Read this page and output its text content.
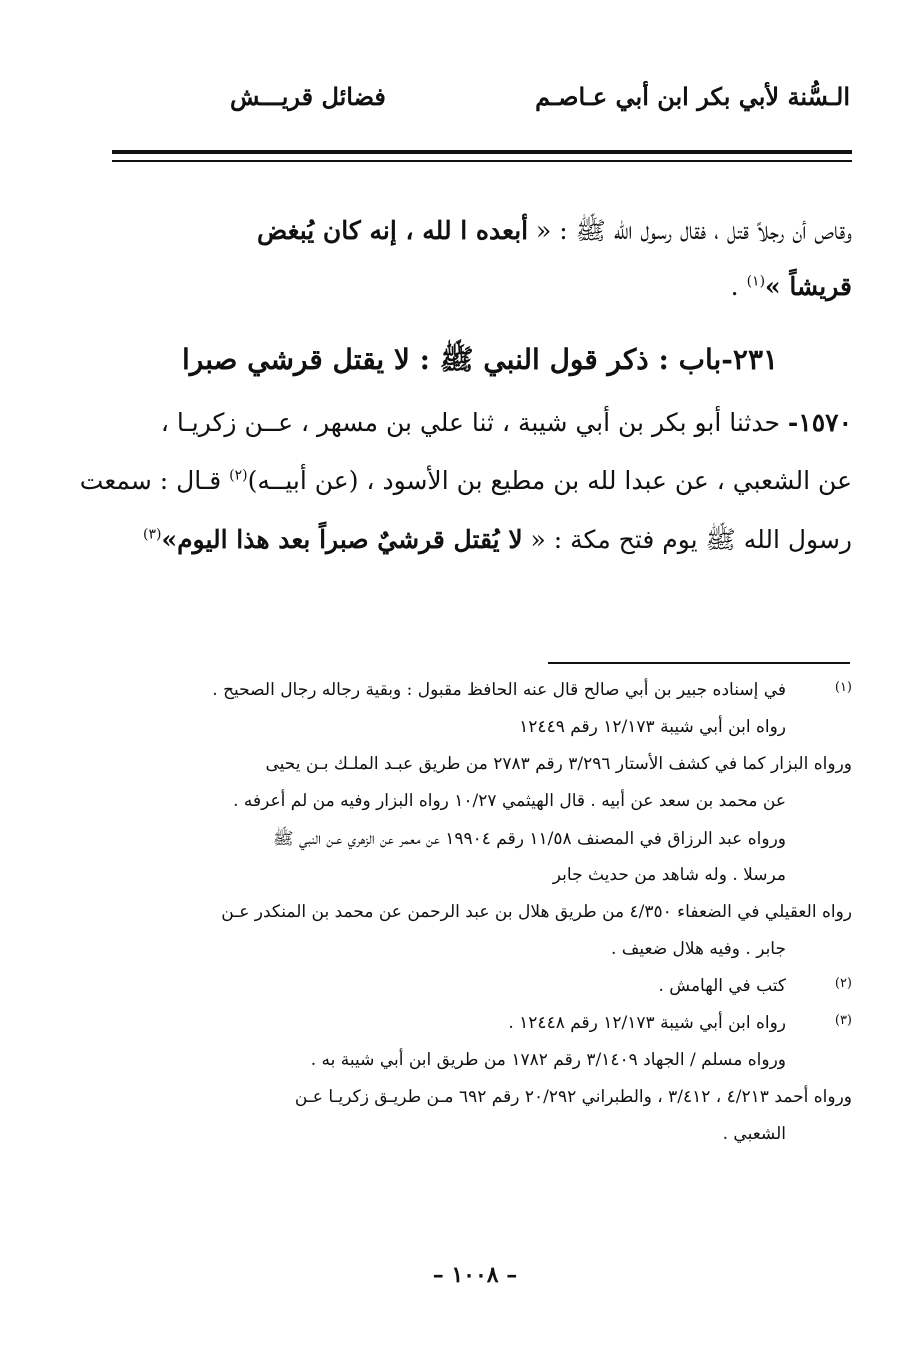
الـسُّنة لأبي بكر ابن أبي عـاصـم
فضائل قريـــش
وقاص أن رجلاً قتل ، فقال رسول الله ﷺ : « أبعده ا لله ، إنه كان يُبغض
قريشاً »$^{(١)}$ .
٢٣١-باب : ذكر قول النبي ﷺ : لا يقتل قرشي صبرا
١٥٧٠- حدثنا أبو بكر بن أبي شيبة ، ثنا علي بن مسهر ، عــن زكريـا ،
عن الشعبي ، عن عبدا لله بن مطيع بن الأسود ، (عن أبيــه)$^{(٢)}$ قـال : سمعت
رسول الله ﷺ يوم فتح مكة : « لا يُقتل قرشيٌ صبراً بعد هذا اليوم»$^{(٣)}$
(١)
في إسناده جبير بن أبي صالح قال عنه الحافظ مقبول : وبقية رجاله رجال الصحيح .
رواه ابن أبي شيبة ١٢/١٧٣ رقم ١٢٤٤٩
ورواه البزار كما في كشف الأستار ٣/٢٩٦ رقم ٢٧٨٣ من طريق عبـد الملـك بـن يحيى
عن محمد بن سعد عن أبيه . قال الهيثمي ١٠/٢٧ رواه البزار وفيه من لم أعرفه .
ورواه عبد الرزاق في المصنف ١١/٥٨ رقم ١٩٩٠٤ عن معمر عن الزهري عـن النبي ﷺ
مرسلا . وله شاهد من حديث جابر
رواه العقيلي في الضعفاء ٤/٣٥٠ من طريق هلال بن عبد الرحمن عن محمد بن المنكدر عـن
جابر . وفيه هلال ضعيف .
(٢)
كتب في الهامش .
(٣)
رواه ابن أبي شيبة ١٢/١٧٣ رقم ١٢٤٤٨ .
ورواه مسلم / الجهاد ٣/١٤٠٩ رقم ١٧٨٢ من طريق ابن أبي شيبة به .
ورواه أحمد ٤/٢١٣ ، ٣/٤١٢ ، والطبراني ٢٠/٢٩٢ رقم ٦٩٢ مـن طريـق زكريـا عـن
الشعبي .
– ١٠٠٨ –
